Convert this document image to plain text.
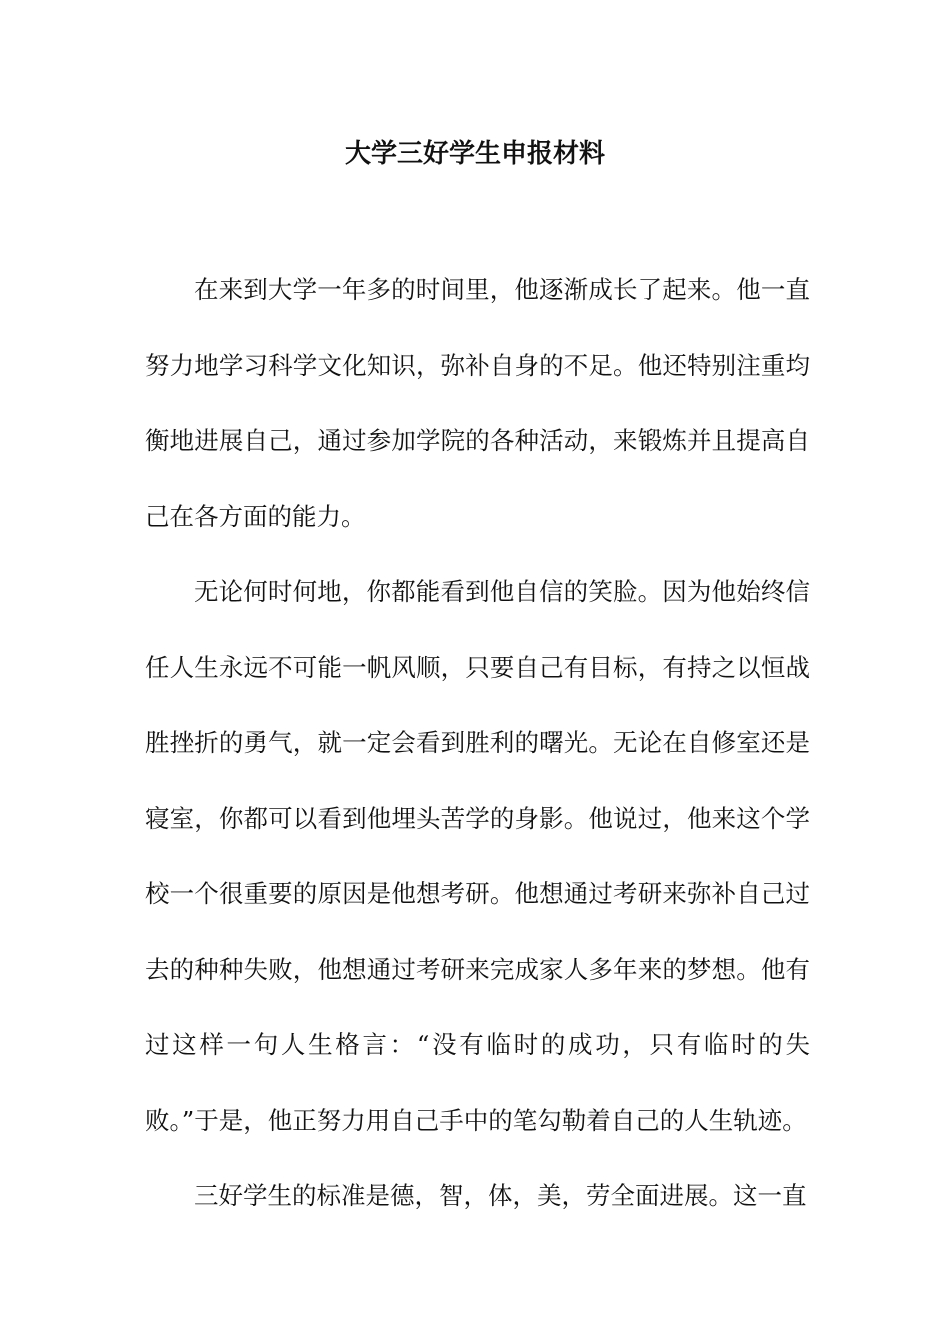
大学三好学生申报材料

在来到大学一年多的时间里，他逐渐成长了起来。他一直努力地学习科学文化知识，弥补自身的不足。他还特别注重均衡地进展自己，通过参加学院的各种活动，来锻炼并且提高自己在各方面的能力。

无论何时何地，你都能看到他自信的笑脸。因为他始终信任人生永远不可能一帆风顺，只要自己有目标，有持之以恒战胜挫折的勇气，就一定会看到胜利的曙光。无论在自修室还是寝室，你都可以看到他埋头苦学的身影。他说过，他来这个学校一个很重要的原因是他想考研。他想通过考研来弥补自己过去的种种失败，他想通过考研来完成家人多年来的梦想。他有过这样一句人生格言：“没有临时的成功，只有临时的失败。”于是，他正努力用自己手中的笔勾勒着自己的人生轨迹。

三好学生的标准是德，智，体，美，劳全面进展。这一直
